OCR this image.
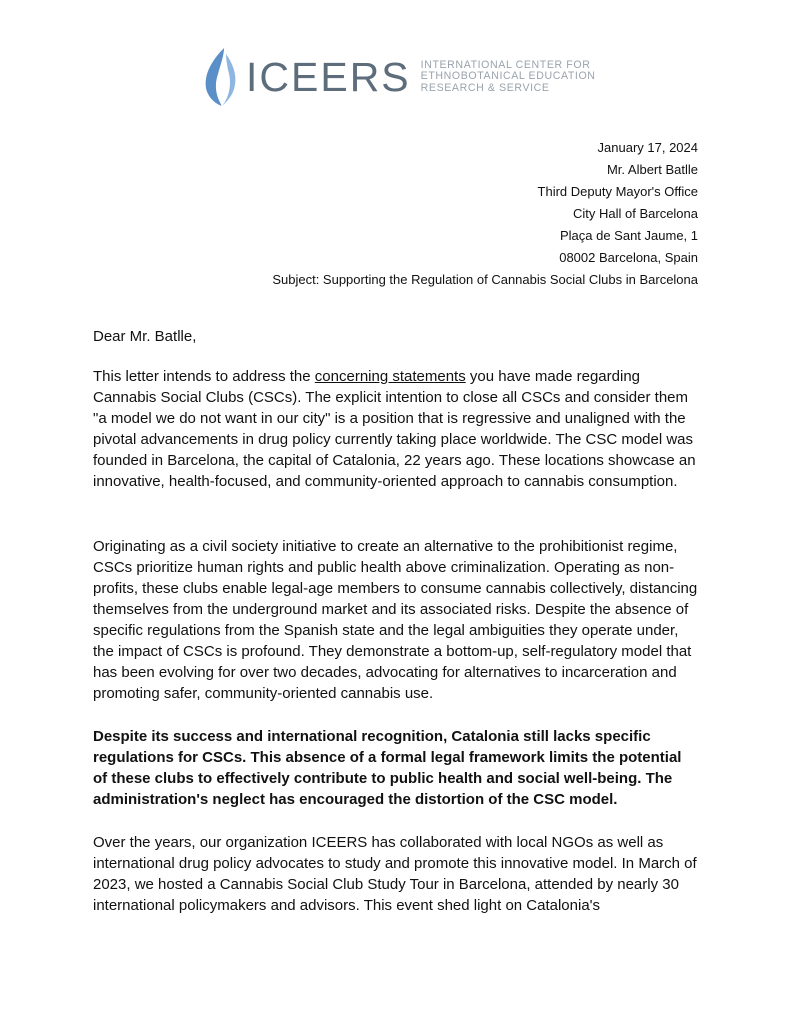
ICEERS INTERNATIONAL CENTER FOR
ETHNOBOTANICAL EDUCATION
RESEARCH & SERVICE
January 17, 2024
Mr. Albert Batlle
Third Deputy Mayor's Office
City Hall of Barcelona
Plaça de Sant Jaume, 1
08002 Barcelona, Spain
Subject: Supporting the Regulation of Cannabis Social Clubs in Barcelona
Dear Mr. Batlle,

This letter intends to address the concerning statements you have made regarding Cannabis Social Clubs (CSCs). The explicit intention to close all CSCs and consider them "a model we do not want in our city" is a position that is regressive and unaligned with the pivotal advancements in drug policy currently taking place worldwide. The CSC model was founded in Barcelona, the capital of Catalonia, 22 years ago. These locations showcase an innovative, health-focused, and community-oriented approach to cannabis consumption.

Originating as a civil society initiative to create an alternative to the prohibitionist regime, CSCs prioritize human rights and public health above criminalization. Operating as non-profits, these clubs enable legal-age members to consume cannabis collectively, distancing themselves from the underground market and its associated risks. Despite the absence of specific regulations from the Spanish state and the legal ambiguities they operate under, the impact of CSCs is profound. They demonstrate a bottom-up, self-regulatory model that has been evolving for over two decades, advocating for alternatives to incarceration and promoting safer, community-oriented cannabis use.

Despite its success and international recognition, Catalonia still lacks specific regulations for CSCs. This absence of a formal legal framework limits the potential of these clubs to effectively contribute to public health and social well-being. The administration's neglect has encouraged the distortion of the CSC model.

Over the years, our organization ICEERS has collaborated with local NGOs as well as international drug policy advocates to study and promote this innovative model. In March of 2023, we hosted a Cannabis Social Club Study Tour in Barcelona, attended by nearly 30 international policymakers and advisors. This event shed light on Catalonia's
